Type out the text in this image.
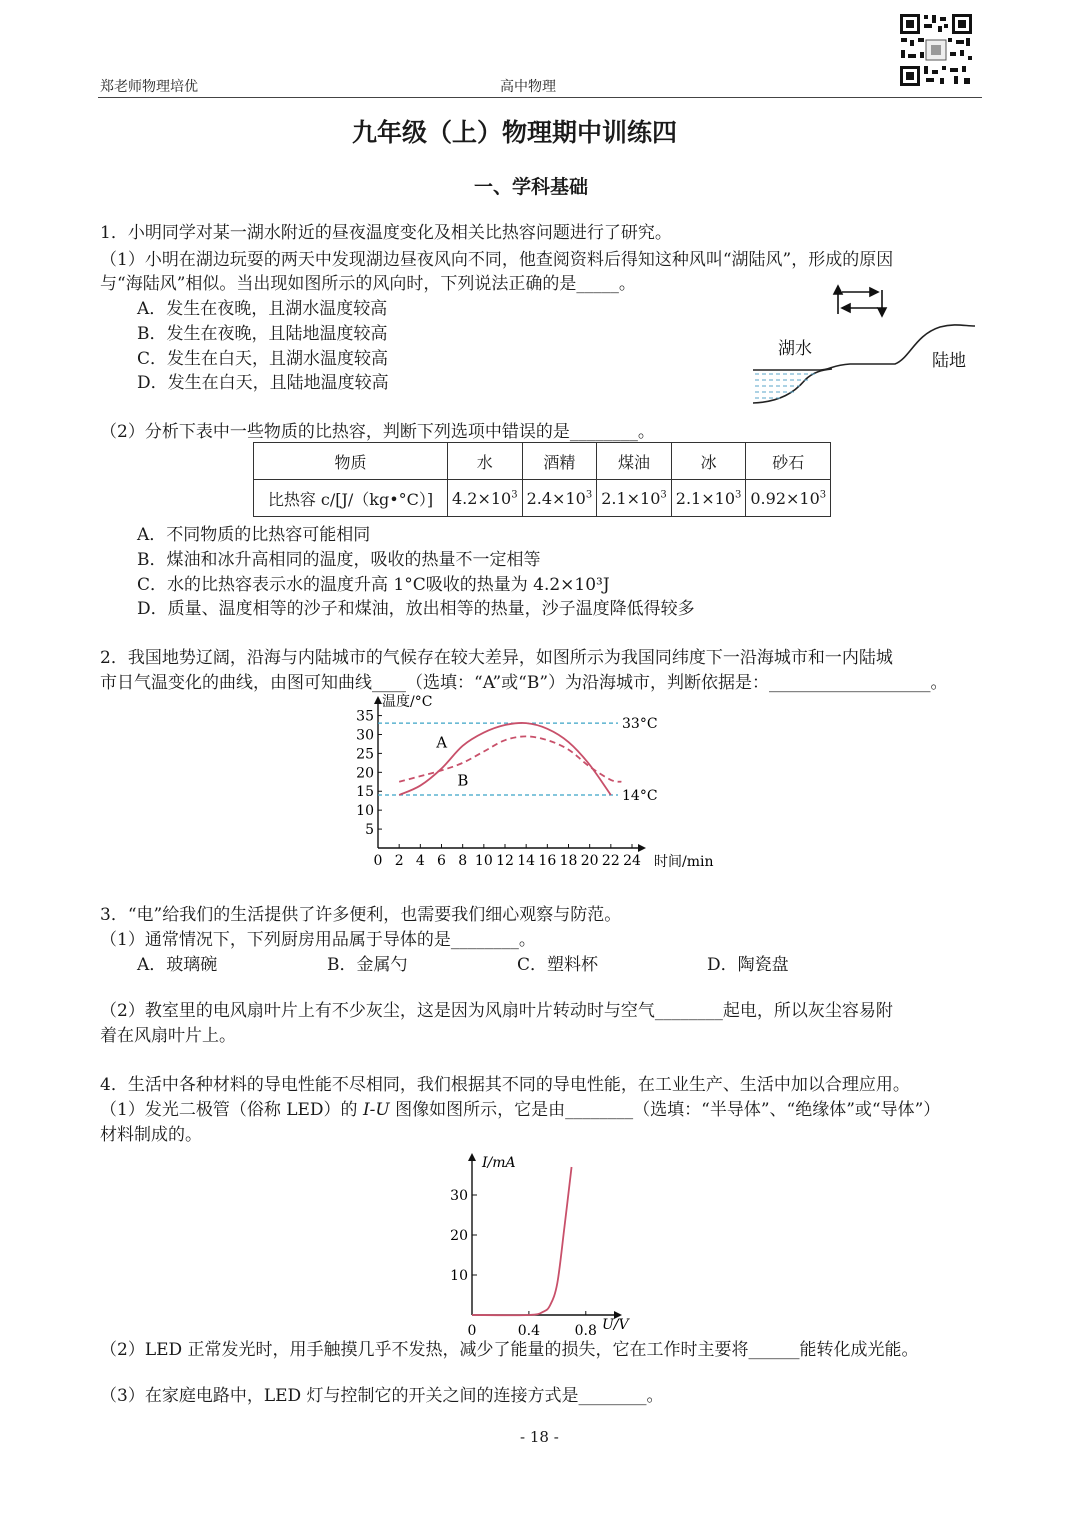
郑老师物理培优	高中物理
九年级（上）物理期中训练四
一、学科基础
1．小明同学对某一湖水附近的昼夜温度变化及相关比热容问题进行了研究。
（1）小明在湖边玩耍的两天中发现湖边昼夜风向不同，他查阅资料后得知这种风叫“湖陆风”，形成的原因
与“海陆风”相似。当出现如图所示的风向时，下列说法正确的是_____。
A．发生在夜晚，且湖水温度较高
B．发生在夜晚，且陆地温度较高
C．发生在白天，且湖水温度较高
D．发生在白天，且陆地温度较高
湖水
陆地
（2）分析下表中一些物质的比热容，判断下列选项中错误的是________。
物质	水	酒精	煤油	冰	砂石
比热容 c/[J/（kg•°C）]	$4.2\times 10^3$	$2.4\times 10^3$	$2.1\times 10^3$	$2.1\times 10^3$	$0.92\times 10^3$
A．不同物质的比热容可能相同
B．煤油和冰升高相同的温度，吸收的热量不一定相等
C．水的比热容表示水的温度升高 1°C吸收的热量为 4.2×10³J
D．质量、温度相等的沙子和煤油，放出相等的热量，沙子温度降低得较多
2．我国地势辽阔，沿海与内陆城市的气候存在较大差异，如图所示为我国同纬度下一沿海城市和一内陆城
市日气温变化的曲线，由图可知曲线____（选填：“A”或“B”）为沿海城市，判断依据是：___________________。
0 2 4 6 8 10 12 14 16 18 20 22 24
5
10
15
20
25
30
35
温度/°C
时间/min
33°C
14°C
A
B
3．“电”给我们的生活提供了许多便利，也需要我们细心观察与防范。
（1）通常情况下，下列厨房用品属于导体的是________。
A．玻璃碗	B．金属勺	C．塑料杯	D．陶瓷盘
（2）教室里的电风扇叶片上有不少灰尘，这是因为风扇叶片转动时与空气________起电，所以灰尘容易附
着在风扇叶片上。
4．生活中各种材料的导电性能不尽相同，我们根据其不同的导电性能，在工业生产、生活中加以合理应用。
（1）发光二极管（俗称 LED）的 I-U 图像如图所示，它是由________（选填：“半导体”、“绝缘体”或“导体”）
材料制成的。
0	0.4 0.8
10
20
30
I/mA
U/V
（2）LED 正常发光时，用手触摸几乎不发热，减少了能量的损失，它在工作时主要将______能转化成光能。
（3）在家庭电路中，LED 灯与控制它的开关之间的连接方式是________。
- 18 -
